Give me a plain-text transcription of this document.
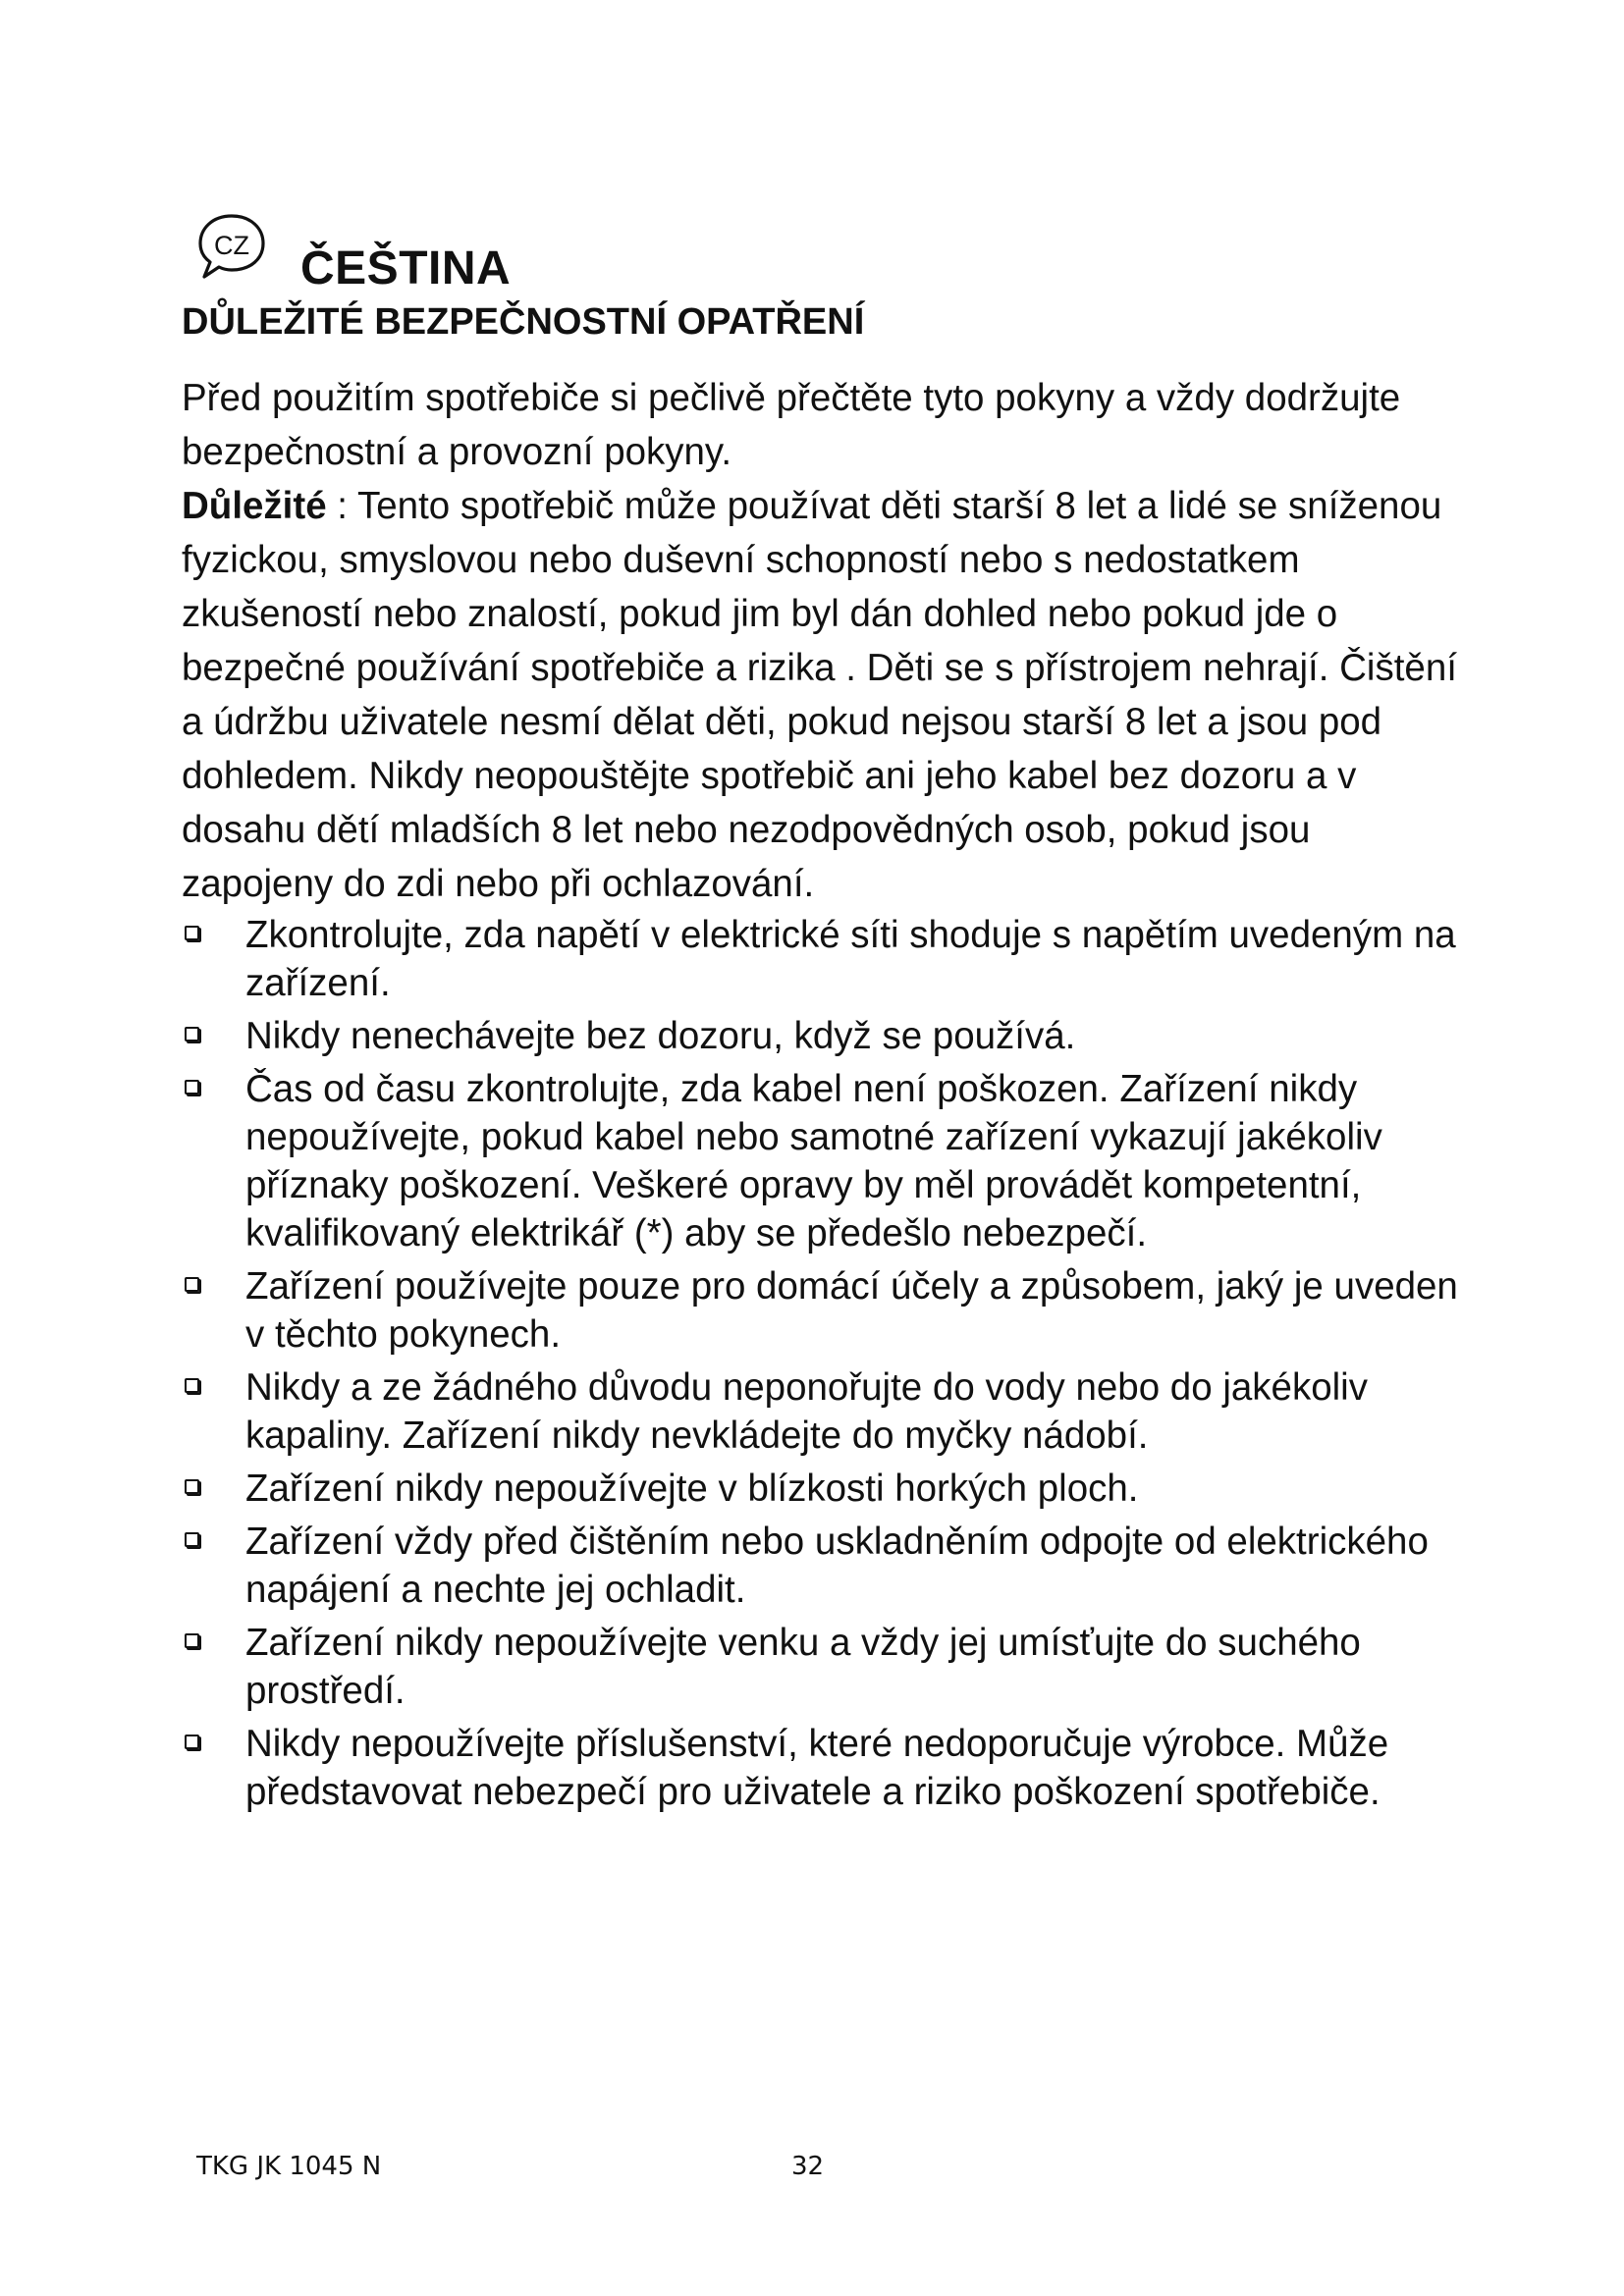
CZ ČEŠTINA
DŮLEŽITÉ BEZPEČNOSTNÍ OPATŘENÍ

Před použitím spotřebiče si pečlivě přečtěte tyto pokyny a vždy dodržujte bezpečnostní a provozní pokyny.

Důležité : Tento spotřebič může používat děti starší 8 let a lidé se sníženou fyzickou, smyslovou nebo duševní schopností nebo s nedostatkem zkušeností nebo znalostí, pokud jim byl dán dohled nebo pokud jde o bezpečné používání spotřebiče a rizika . Děti se s přístrojem nehrají. Čištění a údržbu uživatele nesmí dělat děti, pokud nejsou starší 8 let a jsou pod dohledem. Nikdy neopouštějte spotřebič ani jeho kabel bez dozoru a v dosahu dětí mladších 8 let nebo nezodpovědných osob, pokud jsou zapojeny do zdi nebo při ochlazování.

Zkontrolujte, zda napětí v elektrické síti shoduje s napětím uvedeným na zařízení.
Nikdy nenechávejte bez dozoru, když se používá.
Čas od času zkontrolujte, zda kabel není poškozen. Zařízení nikdy nepoužívejte, pokud kabel nebo samotné zařízení vykazují jakékoliv příznaky poškození. Veškeré opravy by měl provádět kompetentní, kvalifikovaný elektrikář (*) aby se předešlo nebezpečí.
Zařízení používejte pouze pro domácí účely a způsobem, jaký je uveden v těchto pokynech.
Nikdy a ze žádného důvodu neponořujte do vody nebo do jakékoliv kapaliny. Zařízení nikdy nevkládejte do myčky nádobí.
Zařízení nikdy nepoužívejte v blízkosti horkých ploch.
Zařízení vždy před čištěním nebo uskladněním odpojte od elektrického napájení a nechte jej ochladit.
Zařízení nikdy nepoužívejte venku a vždy jej umísťujte do suchého prostředí.
Nikdy nepoužívejte příslušenství, které nedoporučuje výrobce. Může představovat nebezpečí pro uživatele a riziko poškození spotřebiče.
TKG JK 1045 N	32
